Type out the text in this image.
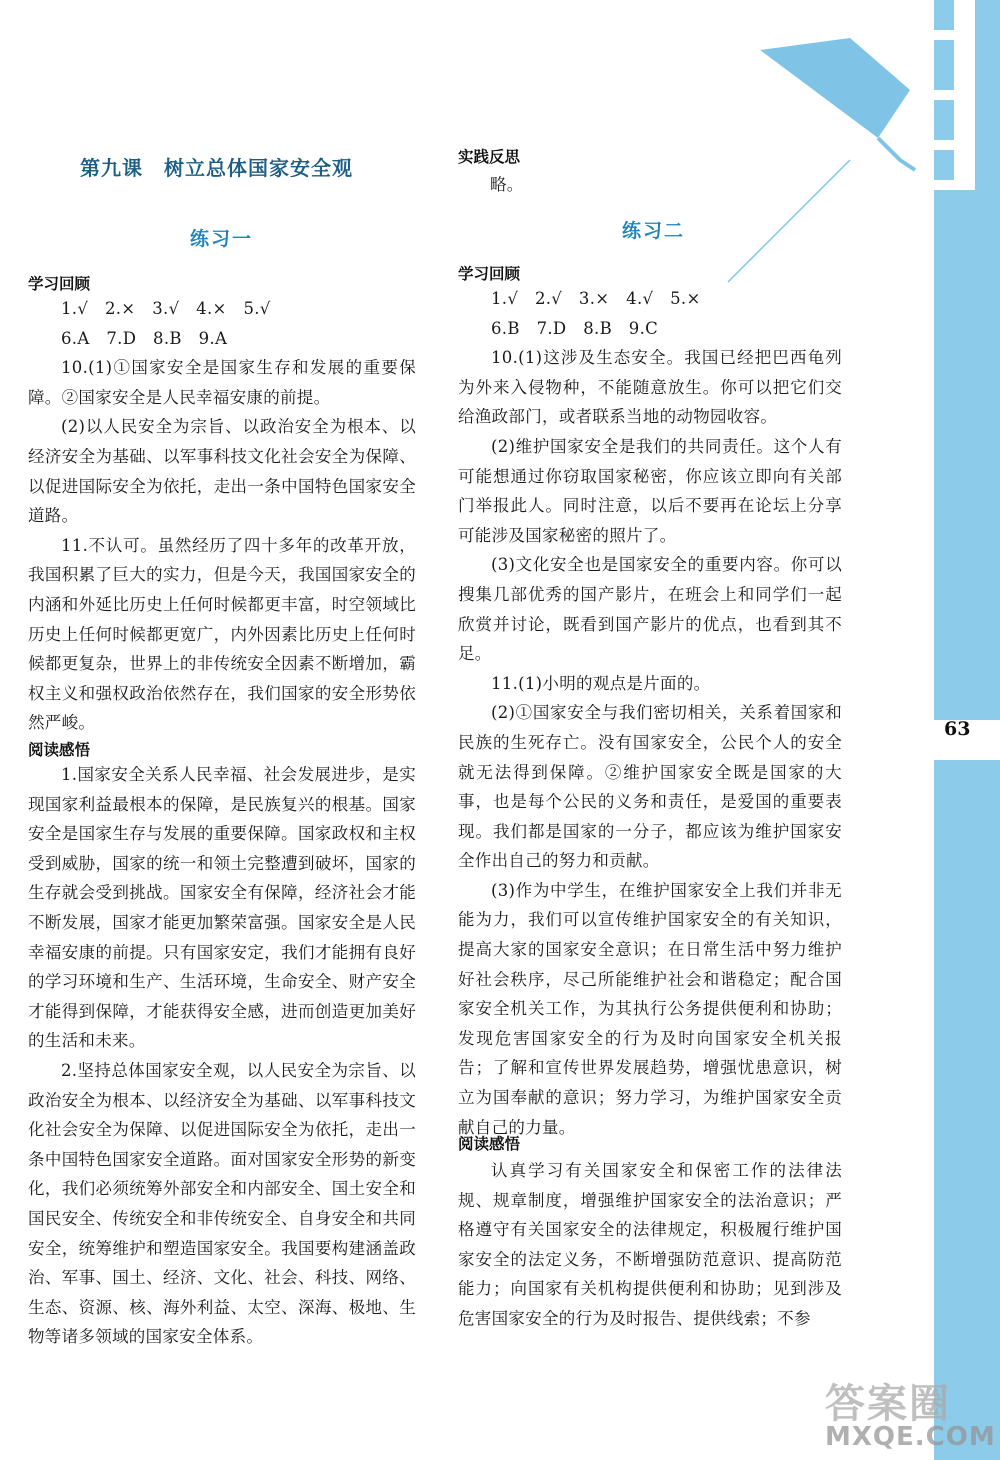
63
第九课　树立总体国家安全观
练习一
学习回顾

1.√　2.×　3.√　4.×　5.√

6.A　7.D　8.B　9.A

10.(1)①国家安全是国家生存和发展的重要保障。②国家安全是人民幸福安康的前提。

(2)以人民安全为宗旨、以政治安全为根本、以经济安全为基础、以军事科技文化社会安全为保障、以促进国际安全为依托，走出一条中国特色国家安全道路。

11.不认可。虽然经历了四十多年的改革开放，我国积累了巨大的实力，但是今天，我国国家安全的内涵和外延比历史上任何时候都更丰富，时空领域比历史上任何时候都更宽广，内外因素比历史上任何时候都更复杂，世界上的非传统安全因素不断增加，霸权主义和强权政治依然存在，我们国家的安全形势依然严峻。

阅读感悟

1.国家安全关系人民幸福、社会发展进步，是实现国家利益最根本的保障，是民族复兴的根基。国家安全是国家生存与发展的重要保障。国家政权和主权受到威胁，国家的统一和领土完整遭到破坏，国家的生存就会受到挑战。国家安全有保障，经济社会才能不断发展，国家才能更加繁荣富强。国家安全是人民幸福安康的前提。只有国家安定，我们才能拥有良好的学习环境和生产、生活环境，生命安全、财产安全才能得到保障，才能获得安全感，进而创造更加美好的生活和未来。

2.坚持总体国家安全观，以人民安全为宗旨、以政治安全为根本、以经济安全为基础、以军事科技文化社会安全为保障、以促进国际安全为依托，走出一条中国特色国家安全道路。面对国家安全形势的新变化，我们必须统筹外部安全和内部安全、国土安全和国民安全、传统安全和非传统安全、自身安全和共同安全，统筹维护和塑造国家安全。我国要构建涵盖政治、军事、国土、经济、文化、社会、科技、网络、生态、资源、核、海外利益、太空、深海、极地、生物等诸多领域的国家安全体系。

实践反思
略。
练习二
学习回顾

1.√　2.√　3.×　4.√　5.×

6.B　7.D　8.B　9.C

10.(1)这涉及生态安全。我国已经把巴西龟列为外来入侵物种，不能随意放生。你可以把它们交给渔政部门，或者联系当地的动物园收容。

(2)维护国家安全是我们的共同责任。这个人有可能想通过你窃取国家秘密，你应该立即向有关部门举报此人。同时注意，以后不要再在论坛上分享可能涉及国家秘密的照片了。

(3)文化安全也是国家安全的重要内容。你可以搜集几部优秀的国产影片，在班会上和同学们一起欣赏并讨论，既看到国产影片的优点，也看到其不足。

11.(1)小明的观点是片面的。

(2)①国家安全与我们密切相关，关系着国家和民族的生死存亡。没有国家安全，公民个人的安全就无法得到保障。②维护国家安全既是国家的大事，也是每个公民的义务和责任，是爱国的重要表现。我们都是国家的一分子，都应该为维护国家安全作出自己的努力和贡献。

(3)作为中学生，在维护国家安全上我们并非无能为力，我们可以宣传维护国家安全的有关知识，提高大家的国家安全意识；在日常生活中努力维护好社会秩序，尽己所能维护社会和谐稳定；配合国家安全机关工作，为其执行公务提供便利和协助；发现危害国家安全的行为及时向国家安全机关报告；了解和宣传世界发展趋势，增强忧患意识，树立为国奉献的意识；努力学习，为维护国家安全贡献自己的力量。

阅读感悟

认真学习有关国家安全和保密工作的法律法规、规章制度，增强维护国家安全的法治意识；严格遵守有关国家安全的法律规定，积极履行维护国家安全的法定义务，不断增强防范意识、提高防范能力；向国家有关机构提供便利和协助；见到涉及危害国家安全的行为及时报告、提供线索；不参

答案圈
MXQE.COM
